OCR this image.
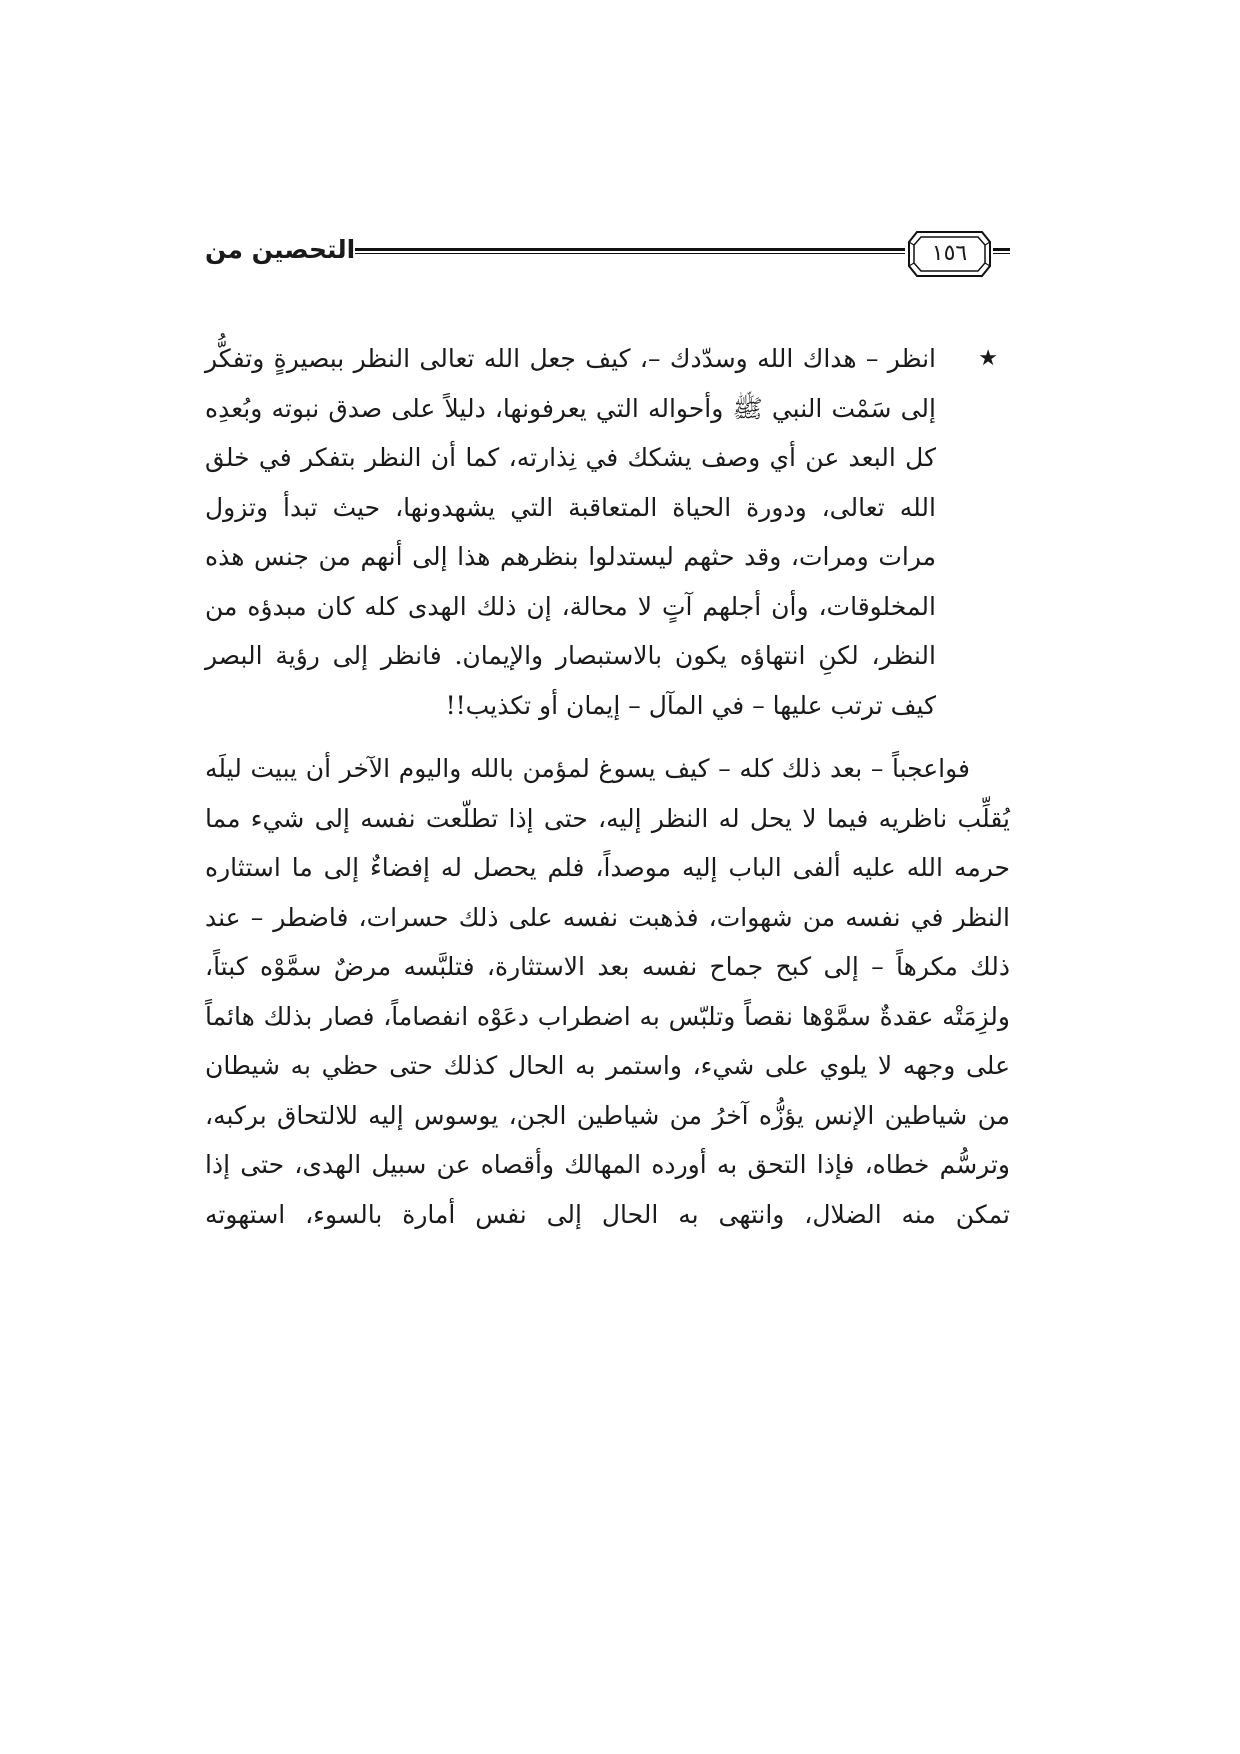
التحصين من	١٥٦
★
انظر – هداك الله وسدّدك –، كيف جعل الله تعالى النظر ببصيرةٍ وتفكُّر إلى سَمْت النبي ﷺ وأحواله التي يعرفونها، دليلاً على صدق نبوته وبُعدِه كل البعد عن أي وصف يشكك في نِذارته، كما أن النظر بتفكر في خلق الله تعالى، ودورة الحياة المتعاقبة التي يشهدونها، حيث تبدأ وتزول مرات ومرات، وقد حثهم ليستدلوا بنظرهم هذا إلى أنهم من جنس هذه المخلوقات، وأن أجلهم آتٍ لا محالة، إن ذلك الهدى كله كان مبدؤه من النظر، لكنِ انتهاؤه يكون بالاستبصار والإيمان. فانظر إلى رؤية البصر كيف ترتب عليها – في المآل – إيمان أو تكذيب!!
فواعجباً – بعد ذلك كله – كيف يسوغ لمؤمن بالله واليوم الآخر أن يبيت ليلَه يُقلِّب ناظريه فيما لا يحل له النظر إليه، حتى إذا تطلّعت نفسه إلى شيء مما حرمه الله عليه ألفى الباب إليه موصداً، فلم يحصل له إفضاءٌ إلى ما استثاره النظر في نفسه من شهوات، فذهبت نفسه على ذلك حسرات، فاضطر – عند ذلك مكرهاً – إلى كبح جماح نفسه بعد الاستثارة، فتلبَّسه مرضٌ سمَّوْه كبتاً، ولزِمَتْه عقدةٌ سمَّوْها نقصاً وتلبّس به اضطراب دعَوْه انفصاماً، فصار بذلك هائماً على وجهه لا يلوي على شيء، واستمر به الحال كذلك حتى حظي به شيطان من شياطين الإنس يؤزُّه آخرُ من شياطين الجن، يوسوس إليه للالتحاق بركبه، وترسُّم خطاه، فإذا التحق به أورده المهالك وأقصاه عن سبيل الهدى، حتى إذا تمكن منه الضلال، وانتهى به الحال إلى نفس أمارة بالسوء، استهوته
